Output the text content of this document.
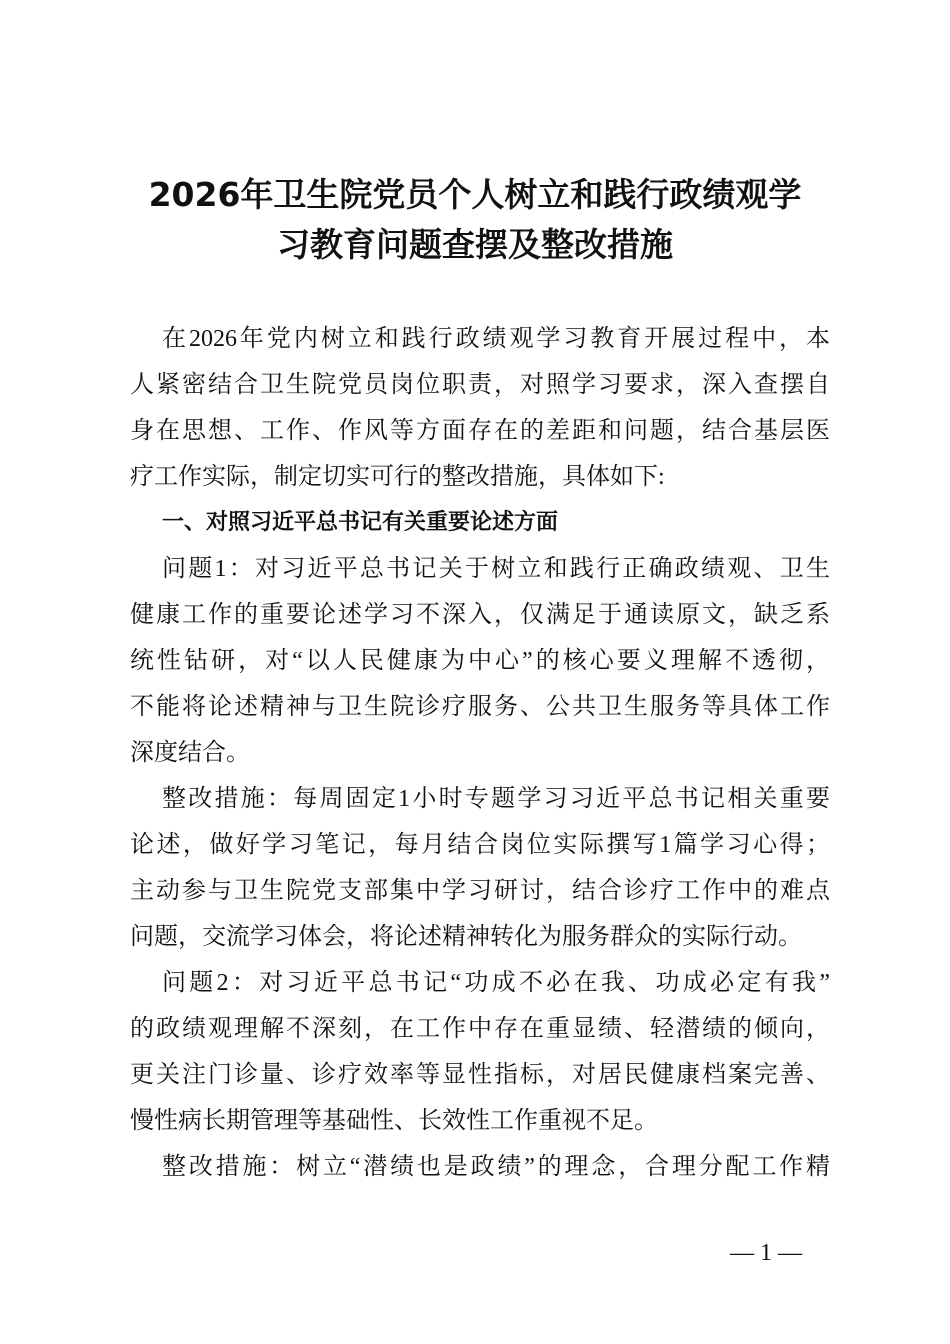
2026年卫生院党员个人树立和践行政绩观学
习教育问题查摆及整改措施
在2026年党内树立和践行政绩观学习教育开展过程中，本
人紧密结合卫生院党员岗位职责，对照学习要求，深入查摆自
身在思想、工作、作风等方面存在的差距和问题，结合基层医
疗工作实际，制定切实可行的整改措施，具体如下:
一、对照习近平总书记有关重要论述方面
问题1：对习近平总书记关于树立和践行正确政绩观、卫生
健康工作的重要论述学习不深入，仅满足于通读原文，缺乏系
统性钻研，对“以人民健康为中心”的核心要义理解不透彻，
不能将论述精神与卫生院诊疗服务、公共卫生服务等具体工作
深度结合。
整改措施：每周固定1小时专题学习习近平总书记相关重要
论述，做好学习笔记，每月结合岗位实际撰写1篇学习心得；
主动参与卫生院党支部集中学习研讨，结合诊疗工作中的难点
问题，交流学习体会，将论述精神转化为服务群众的实际行动。
问题2：对习近平总书记“功成不必在我、功成必定有我”
的政绩观理解不深刻，在工作中存在重显绩、轻潜绩的倾向，
更关注门诊量、诊疗效率等显性指标，对居民健康档案完善、
慢性病长期管理等基础性、长效性工作重视不足。
整改措施：树立“潜绩也是政绩”的理念，合理分配工作精
— 1 —
